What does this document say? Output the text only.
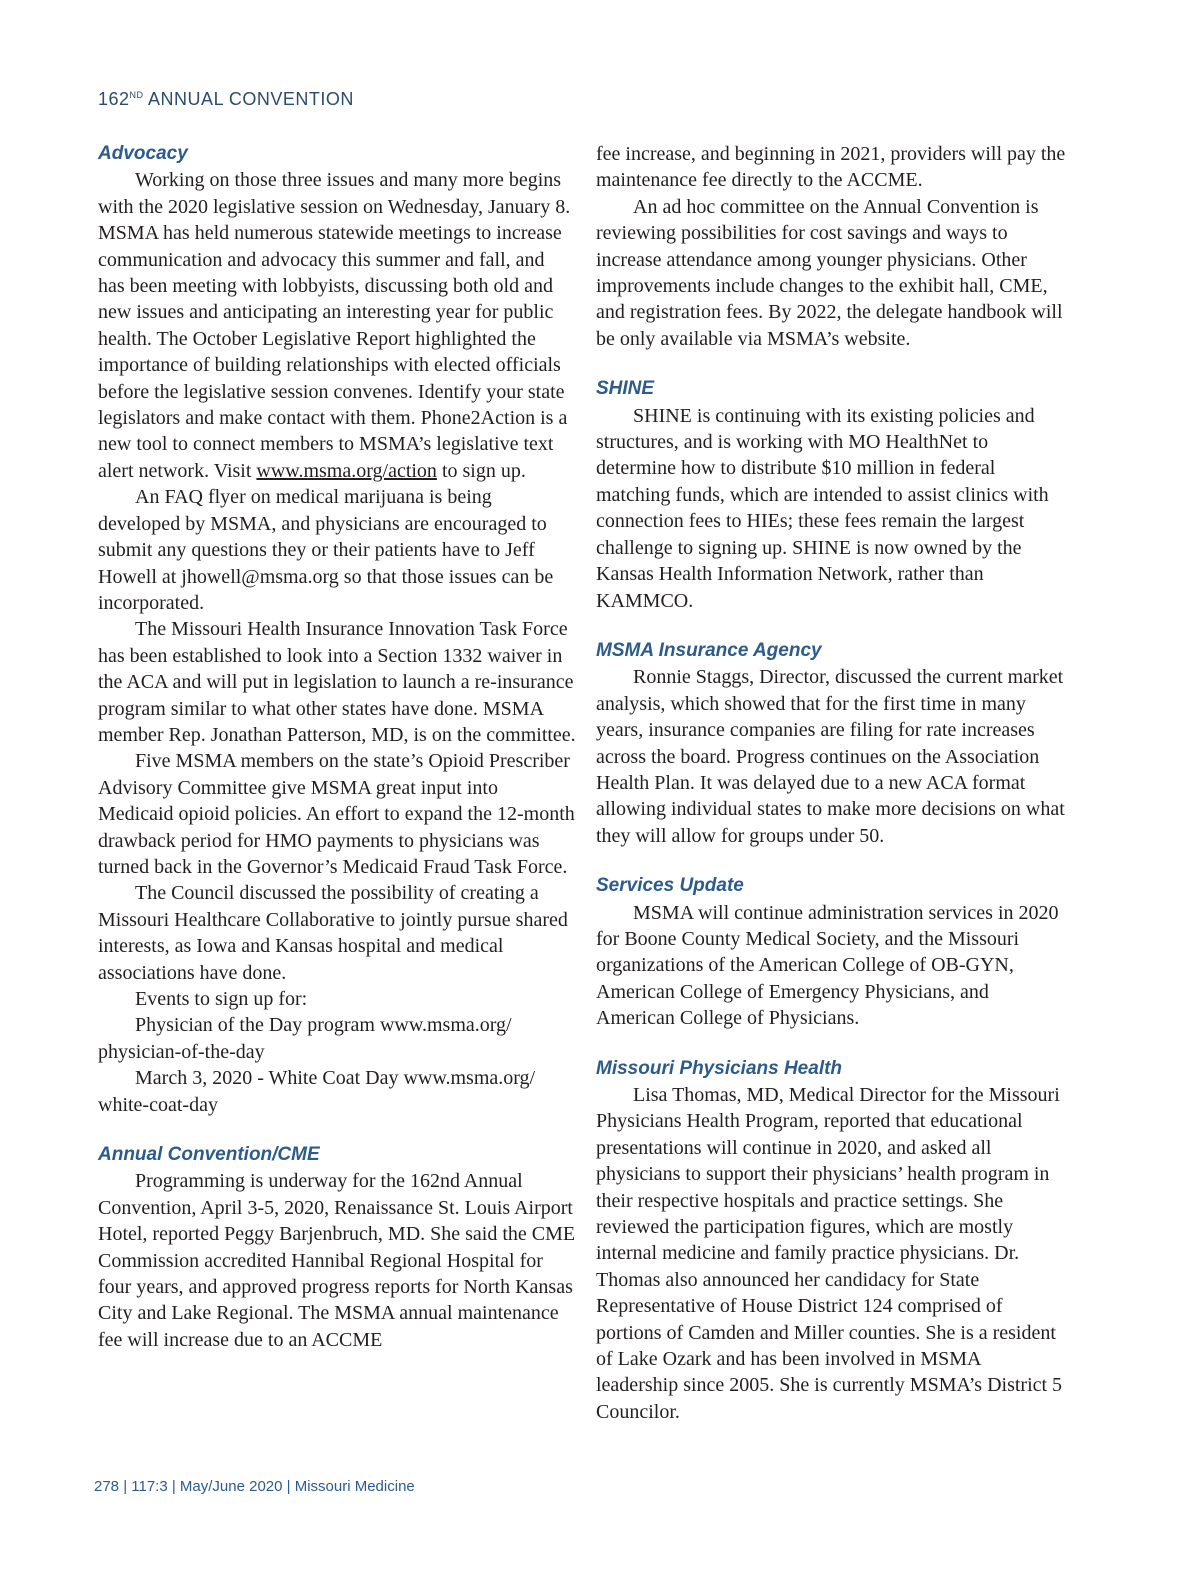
162ND ANNUAL CONVENTION
Advocacy

Working on those three issues and many more begins with the 2020 legislative session on Wednesday, January 8. MSMA has held numerous statewide meetings to increase communication and advocacy this summer and fall, and has been meeting with lobbyists, discussing both old and new issues and anticipating an interesting year for public health. The October Legislative Report highlighted the importance of building relationships with elected officials before the legislative session convenes. Identify your state legislators and make contact with them. Phone2Action is a new tool to connect members to MSMA’s legislative text alert network. Visit www.msma.org/action to sign up.

An FAQ flyer on medical marijuana is being developed by MSMA, and physicians are encouraged to submit any questions they or their patients have to Jeff Howell at jhowell@msma.org so that those issues can be incorporated.

The Missouri Health Insurance Innovation Task Force has been established to look into a Section 1332 waiver in the ACA and will put in legislation to launch a re-insurance program similar to what other states have done. MSMA member Rep. Jonathan Patterson, MD, is on the committee.

Five MSMA members on the state’s Opioid Prescriber Advisory Committee give MSMA great input into Medicaid opioid policies. An effort to expand the 12-month drawback period for HMO payments to physicians was turned back in the Governor’s Medicaid Fraud Task Force.

The Council discussed the possibility of creating a Missouri Healthcare Collaborative to jointly pursue shared interests, as Iowa and Kansas hospital and medical associations have done.

Events to sign up for:

Physician of the Day program www.msma.org/

physician-of-the-day

March 3, 2020 - White Coat Day www.msma.org/

white-coat-day

Annual Convention/CME

Programming is underway for the 162nd Annual Convention, April 3-5, 2020, Renaissance St. Louis Airport Hotel, reported Peggy Barjenbruch, MD. She said the CME Commission accredited Hannibal Regional Hospital for four years, and approved progress reports for North Kansas City and Lake Regional. The MSMA annual maintenance fee will increase due to an ACCME

fee increase, and beginning in 2021, providers will pay the maintenance fee directly to the ACCME.

An ad hoc committee on the Annual Convention is reviewing possibilities for cost savings and ways to increase attendance among younger physicians. Other improvements include changes to the exhibit hall, CME, and registration fees. By 2022, the delegate handbook will be only available via MSMA’s website.

SHINE

SHINE is continuing with its existing policies and structures, and is working with MO HealthNet to determine how to distribute $10 million in federal matching funds, which are intended to assist clinics with connection fees to HIEs; these fees remain the largest challenge to signing up. SHINE is now owned by the Kansas Health Information Network, rather than KAMMCO.

MSMA Insurance Agency

Ronnie Staggs, Director, discussed the current market analysis, which showed that for the first time in many years, insurance companies are filing for rate increases across the board. Progress continues on the Association Health Plan. It was delayed due to a new ACA format allowing individual states to make more decisions on what they will allow for groups under 50.

Services Update

MSMA will continue administration services in 2020 for Boone County Medical Society, and the Missouri organizations of the American College of OB-GYN, American College of Emergency Physicians, and American College of Physicians.

Missouri Physicians Health

Lisa Thomas, MD, Medical Director for the Missouri Physicians Health Program, reported that educational presentations will continue in 2020, and asked all physicians to support their physicians’ health program in their respective hospitals and practice settings. She reviewed the participation figures, which are mostly internal medicine and family practice physicians. Dr. Thomas also announced her candidacy for State Representative of House District 124 comprised of portions of Camden and Miller counties. She is a resident of Lake Ozark and has been involved in MSMA leadership since 2005. She is currently MSMA’s District 5 Councilor.

278 | 117:3 | May/June 2020 | Missouri Medicine
